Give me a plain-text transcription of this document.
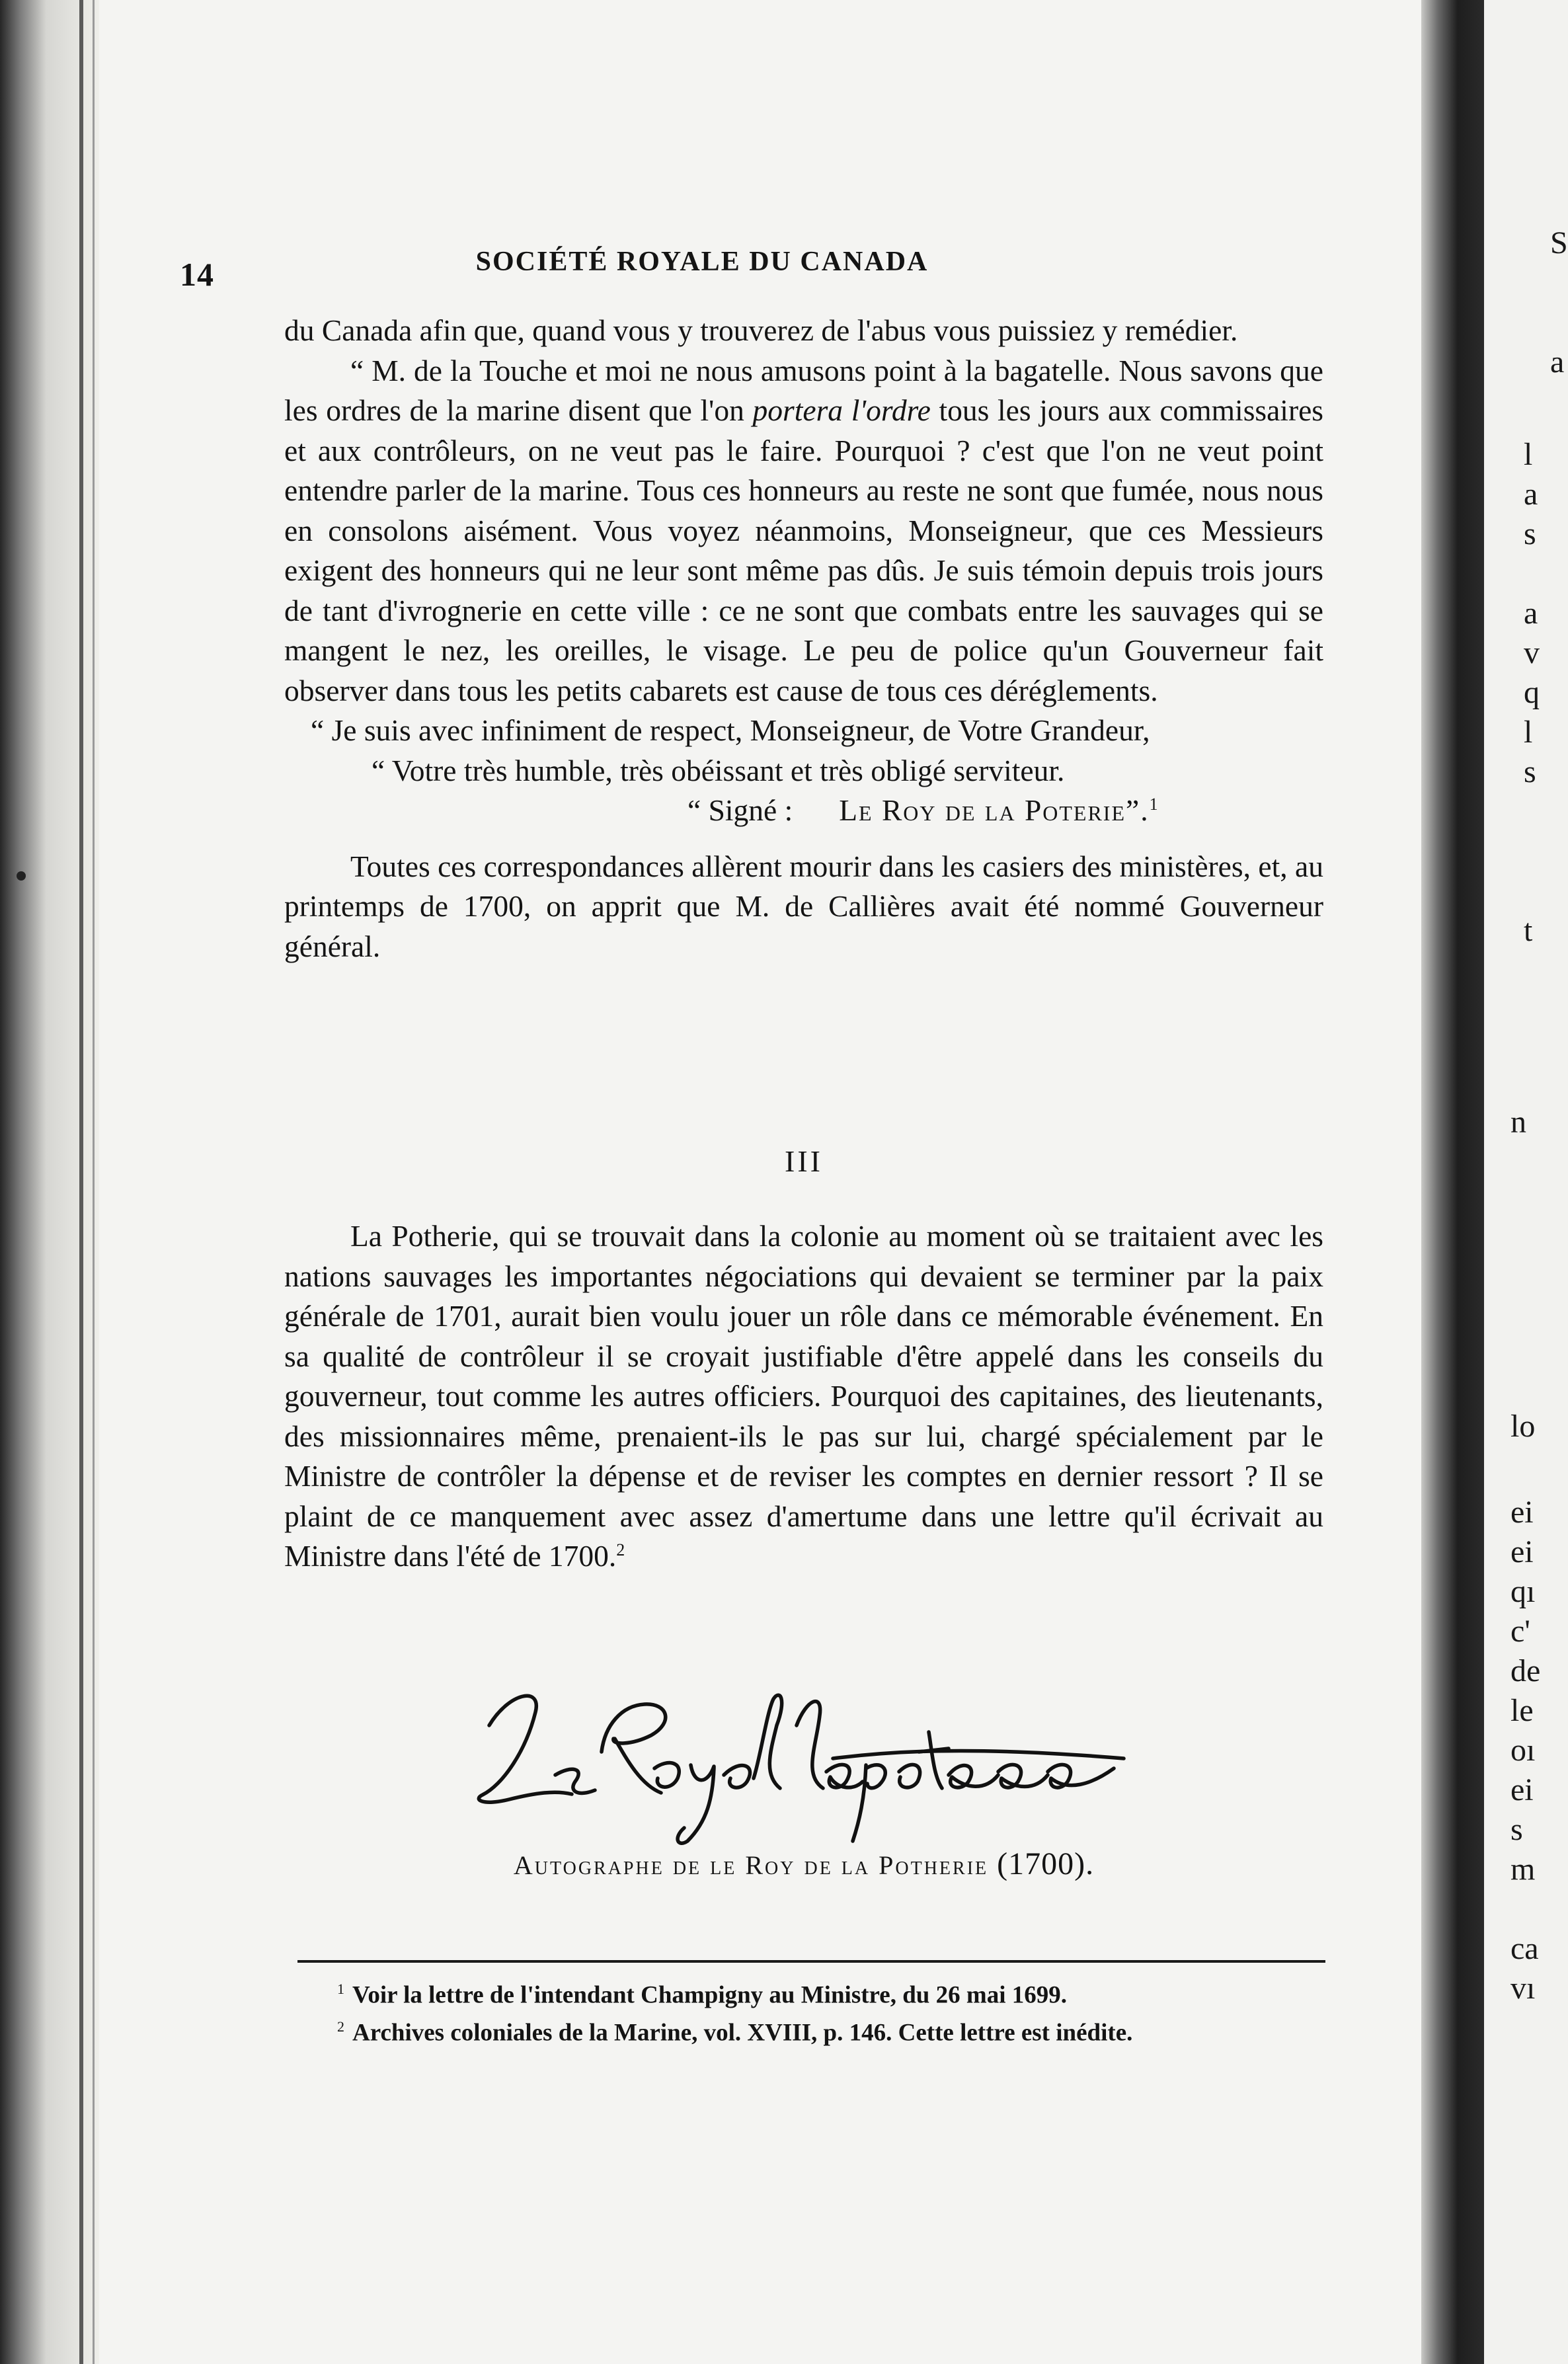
14	SOCIÉTÉ ROYALE DU CANADA

du Canada afin que, quand vous y trouverez de l'abus vous puissiez y remédier.

“ M. de la Touche et moi ne nous amusons point à la bagatelle. Nous savons que les ordres de la marine disent que l'on portera l'ordre tous les jours aux commissaires et aux contrôleurs, on ne veut pas le faire. Pourquoi ? c'est que l'on ne veut point entendre parler de la marine. Tous ces honneurs au reste ne sont que fumée, nous nous en consolons aisément. Vous voyez néanmoins, Monseigneur, que ces Messieurs exigent des honneurs qui ne leur sont même pas dûs. Je suis témoin depuis trois jours de tant d'ivrognerie en cette ville : ce ne sont que combats entre les sauvages qui se mangent le nez, les oreilles, le visage. Le peu de police qu'un Gouverneur fait observer dans tous les petits cabarets est cause de tous ces déréglements.

“ Je suis avec infiniment de respect, Monseigneur, de Votre Grandeur,

“ Votre très humble, très obéissant et très obligé serviteur.

“ Signé : Le Roy de la Poterie”.$^1$

Toutes ces correspondances allèrent mourir dans les casiers des ministères, et, au printemps de 1700, on apprit que M. de Callières avait été nommé Gouverneur général.

III

La Potherie, qui se trouvait dans la colonie au moment où se traitaient avec les nations sauvages les importantes négociations qui devaient se terminer par la paix générale de 1701, aurait bien voulu jouer un rôle dans ce mémorable événement. En sa qualité de contrôleur il se croyait justifiable d'être appelé dans les conseils du gouverneur, tout comme les autres officiers. Pourquoi des capitaines, des lieutenants, des missionnaires même, prenaient-ils le pas sur lui, chargé spécialement par le Ministre de contrôler la dépense et de reviser les comptes en dernier ressort ? Il se plaint de ce manquement avec assez d'amertume dans une lettre qu'il écrivait au Ministre dans l'été de 1700.$^2$

Autographe de le Roy de la Potherie (1700).

$^1$ Voir la lettre de l'intendant Champigny au Ministre, du 26 mai 1699.

$^2$ Archives coloniales de la Marine, vol. XVIII, p. 146. Cette lettre est inédite.

S
a
l
a
s
a
v
q
l
s
t
n
lo
ei
ei
qı
c'
de
le
oı
ei
s
m
ca
vı
